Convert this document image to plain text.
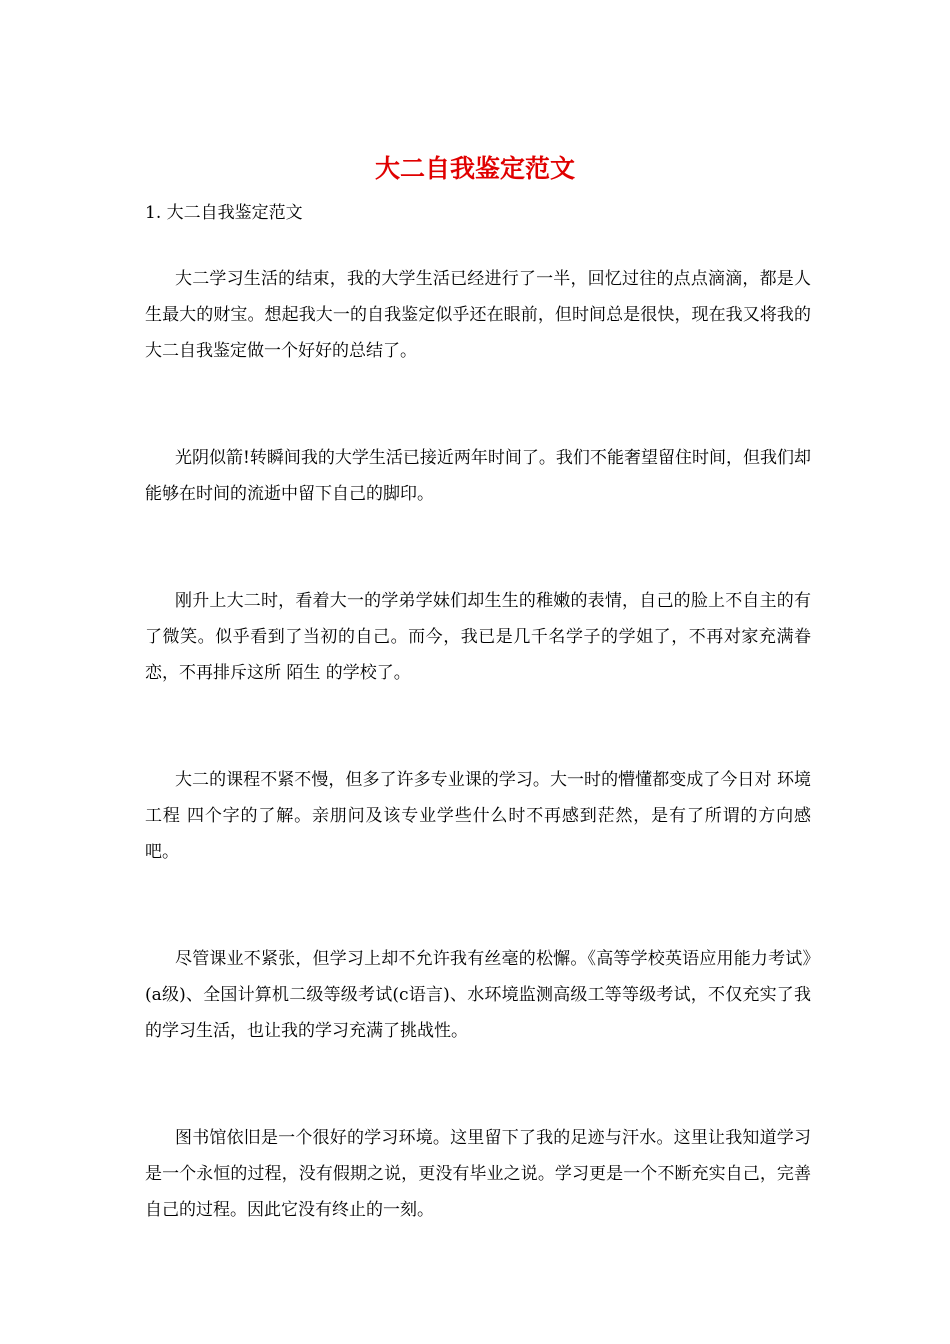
大二自我鉴定范文

1. 大二自我鉴定范文

大二学习生活的结束，我的大学生活已经进行了一半，回忆过往的点点滴滴，都是人生最大的财宝。想起我大一的自我鉴定似乎还在眼前，但时间总是很快，现在我又将我的大二自我鉴定做一个好好的总结了。

光阴似箭!转瞬间我的大学生活已接近两年时间了。我们不能奢望留住时间，但我们却能够在时间的流逝中留下自己的脚印。

刚升上大二时，看着大一的学弟学妹们却生生的稚嫩的表情，自己的脸上不自主的有了微笑。似乎看到了当初的自己。而今，我已是几千名学子的学姐了，不再对家充满眷恋，不再排斥这所 陌生 的学校了。

大二的课程不紧不慢，但多了许多专业课的学习。大一时的懵懂都变成了今日对 环境工程 四个字的了解。亲朋问及该专业学些什么时不再感到茫然，是有了所谓的方向感吧。

尽管课业不紧张，但学习上却不允许我有丝毫的松懈。《高等学校英语应用能力考试》(a级)、全国计算机二级等级考试(c语言)、水环境监测高级工等等级考试，不仅充实了我的学习生活，也让我的学习充满了挑战性。

图书馆依旧是一个很好的学习环境。这里留下了我的足迹与汗水。这里让我知道学习是一个永恒的过程，没有假期之说，更没有毕业之说。学习更是一个不断充实自己，完善自己的过程。因此它没有终止的一刻。
